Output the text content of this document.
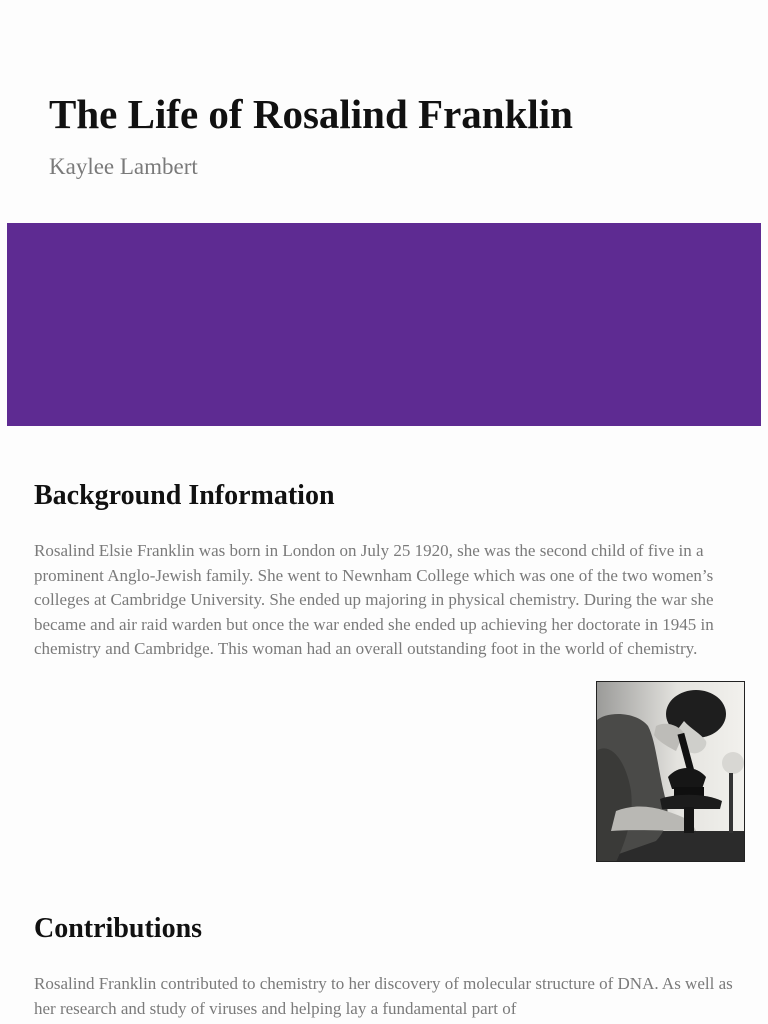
The Life of Rosalind Franklin

Kaylee Lambert

Background Information

Rosalind Elsie Franklin was born in London on July 25 1920, she was the second child of five in a prominent Anglo-Jewish family. She went to Newnham College which was one of the two women’s colleges at Cambridge University. She ended up majoring in physical chemistry. During the war she became and air raid warden but once the war ended she ended up achieving her doctorate in 1945 in chemistry and Cambridge. This woman had an overall outstanding foot in the world of chemistry.

Contributions

Rosalind Franklin contributed to chemistry to her discovery of molecular structure of DNA. As well as her research and study of viruses and helping lay a fundamental part of
